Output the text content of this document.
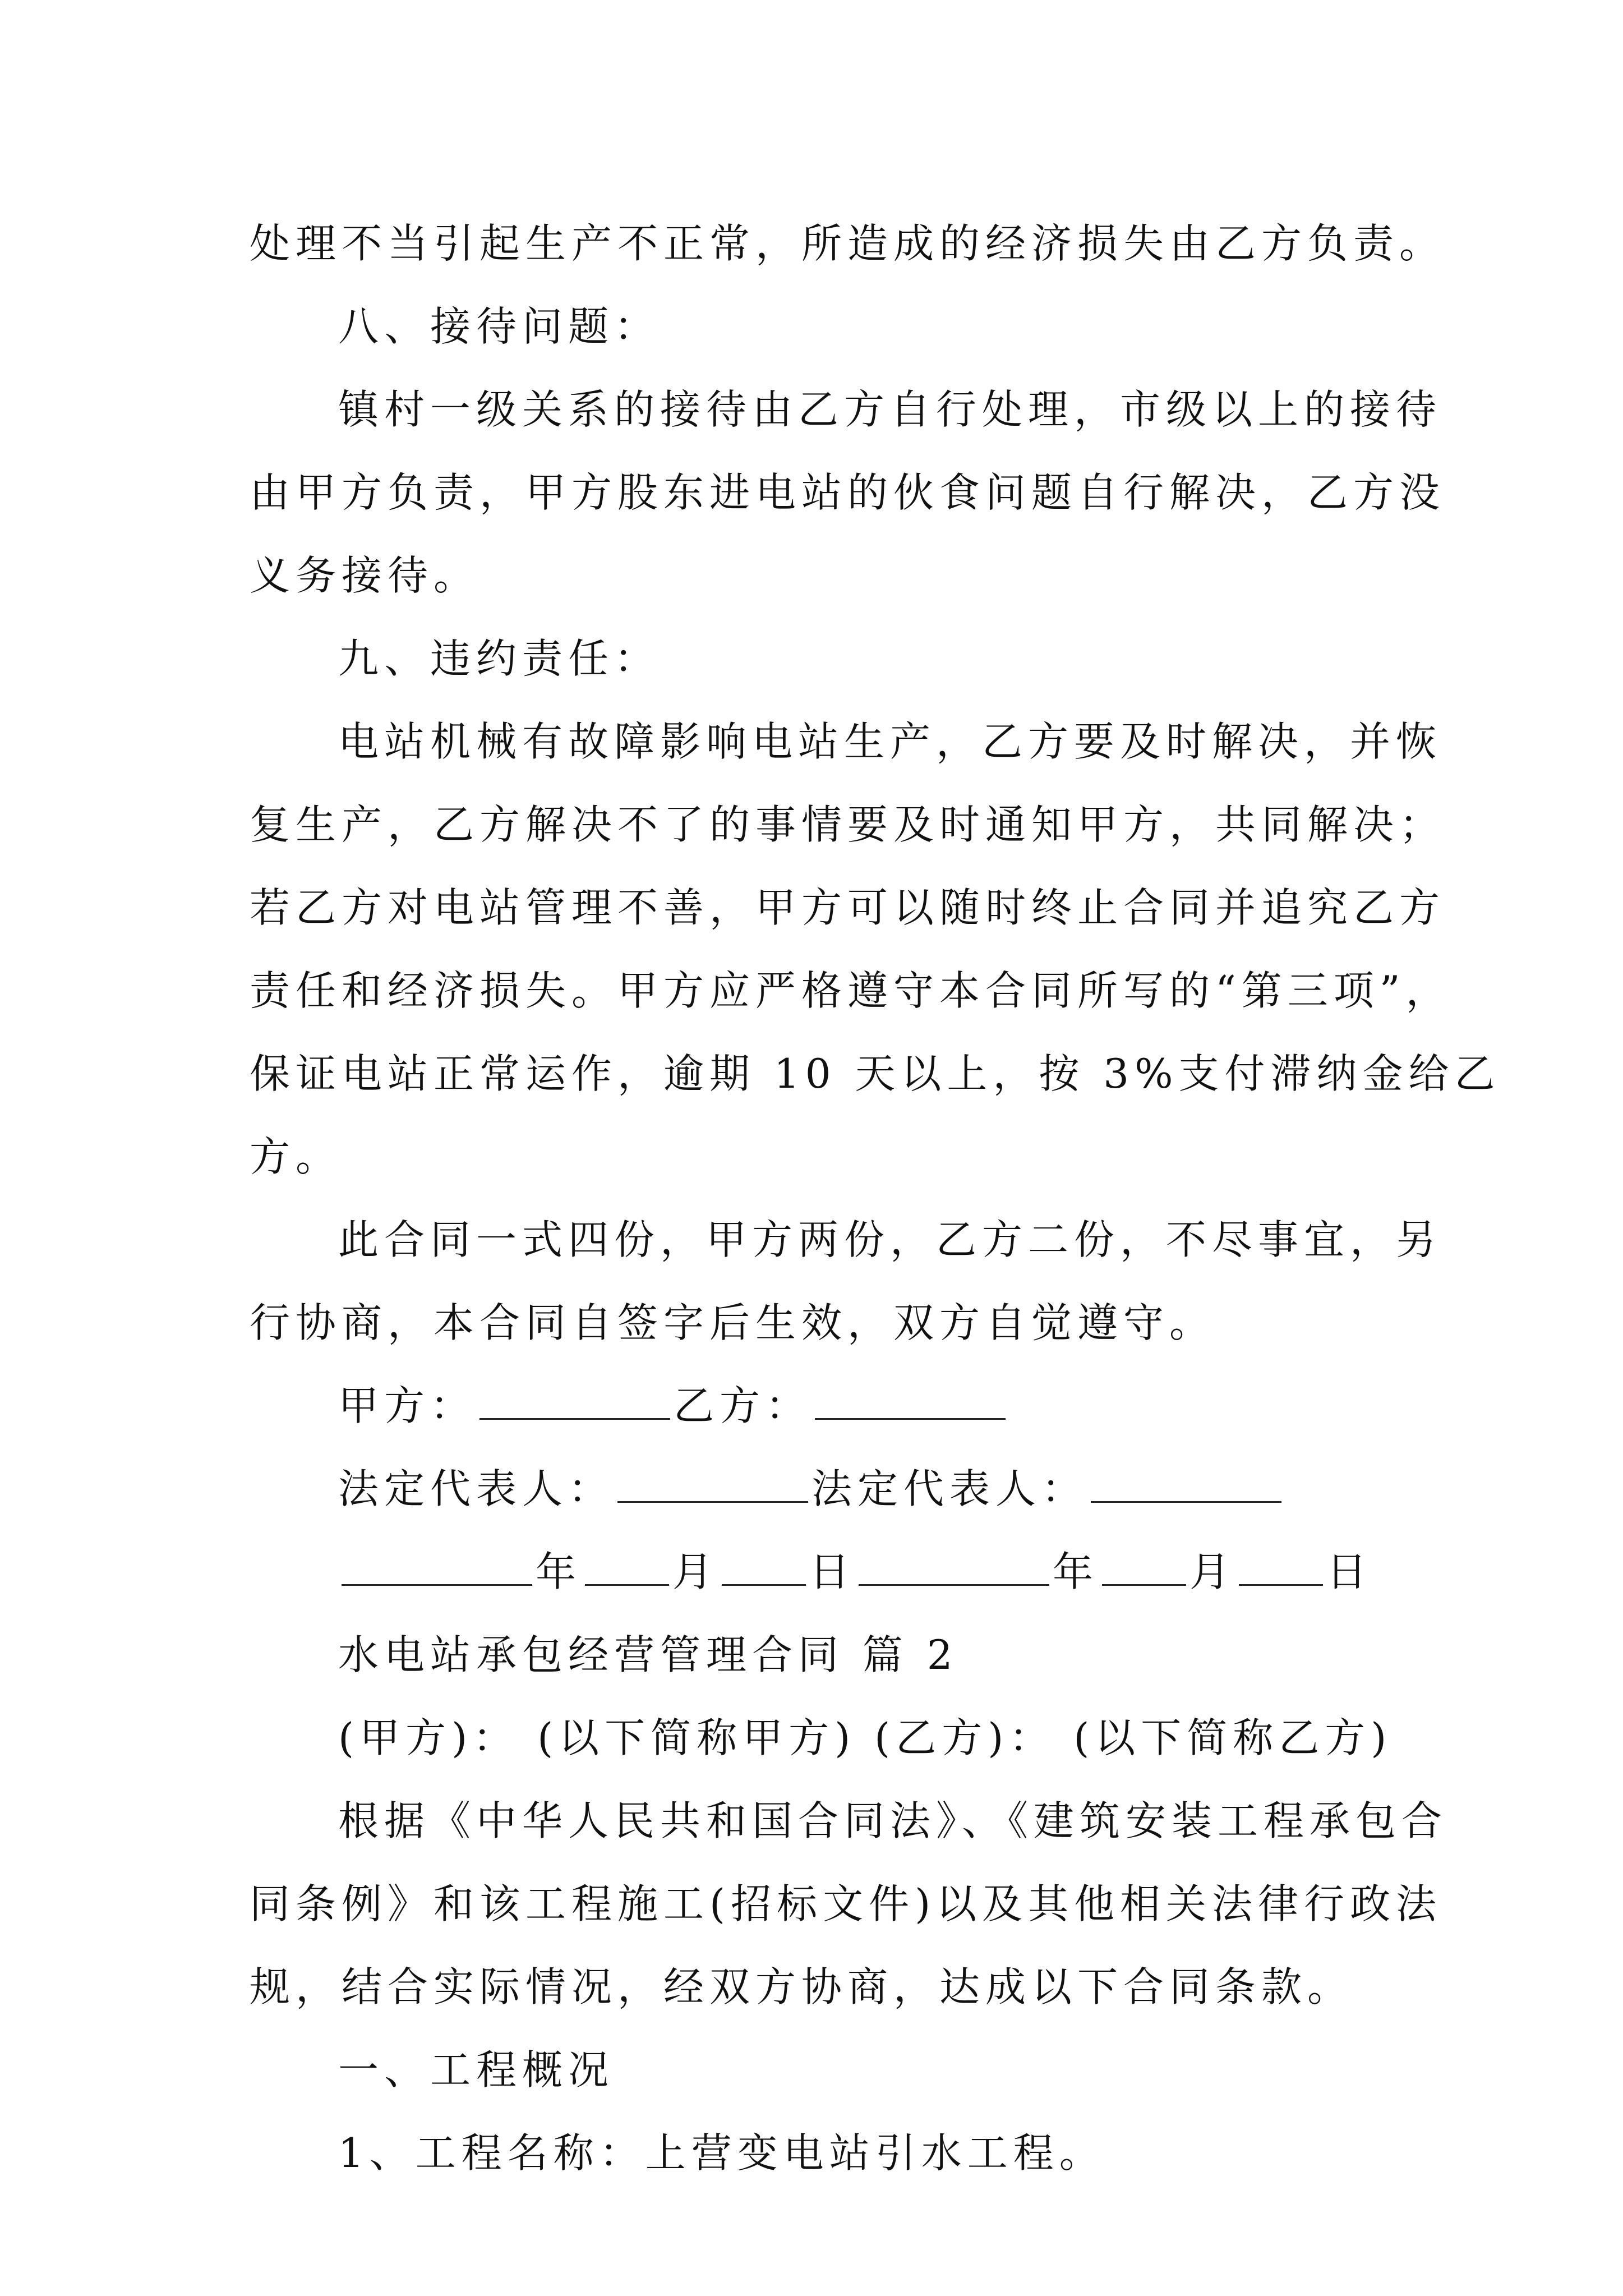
处理不当引起生产不正常，所造成的经济损失由乙方负责。
八、接待问题：
镇村一级关系的接待由乙方自行处理，市级以上的接待
由甲方负责，甲方股东进电站的伙食问题自行解决，乙方没
义务接待。
九、违约责任：
电站机械有故障影响电站生产，乙方要及时解决，并恢
复生产，乙方解决不了的事情要及时通知甲方，共同解决；
若乙方对电站管理不善，甲方可以随时终止合同并追究乙方
责任和经济损失。甲方应严格遵守本合同所写的“第三项”，
保证电站正常运作，逾期 10 天以上，按 3%支付滞纳金给乙
方。
此合同一式四份，甲方两份，乙方二份，不尽事宜，另
行协商，本合同自签字后生效，双方自觉遵守。
甲方：	乙方：
法定代表人：	法定代表人：
年 月 日	年 月 日
水电站承包经营管理合同 篇 2
(甲方)： (以下简称甲方) (乙方)： (以下简称乙方)
根据《中华人民共和国合同法》、《建筑安装工程承包合
同条例》和该工程施工(招标文件)以及其他相关法律行政法
规，结合实际情况，经双方协商，达成以下合同条款。
一、工程概况
1、工程名称：上营变电站引水工程。
